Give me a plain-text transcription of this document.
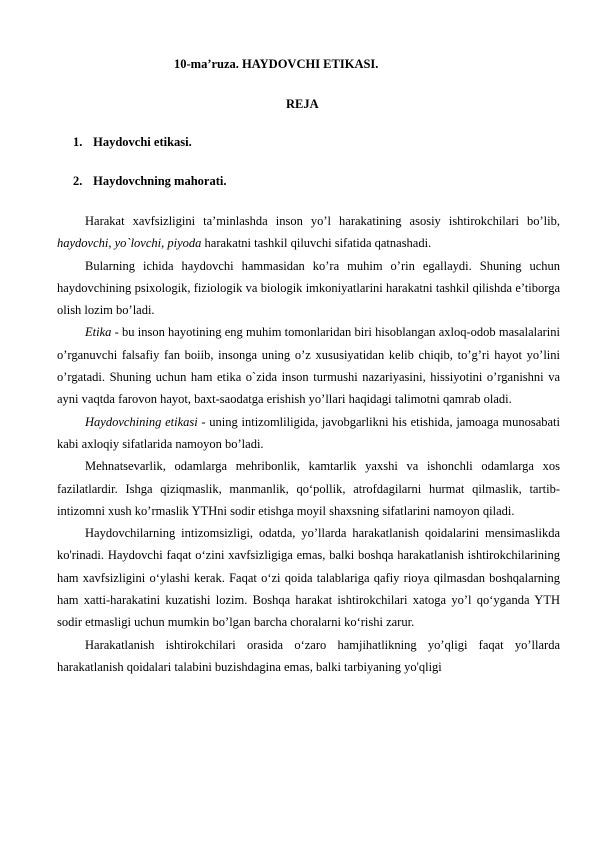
10-ma’ruza. HAYDOVCHI ETIKASI.
REJA
1. Haydovchi etikasi.
2. Haydovchning mahorati.

Harakat xavfsizligini ta’minlashda inson yo’l harakatining asosiy ishtirokchilari bo’lib, haydovchi, yo`lovchi, piyoda harakatni tashkil qiluvchi sifatida qatnashadi.

Bularning ichida haydovchi hammasidan ko’ra muhim o’rin egallaydi. Shuning uchun haydovchining psixologik, fiziologik va biologik imkoniyatlarini harakatni tashkil qilishda e’tiborga olish lozim bo’ladi.

Etika - bu inson hayotining eng muhim tomonlaridan biri hisoblangan axloq-odob masalalarini o’rganuvchi falsafiy fan boiib, insonga uning o’z xususiyatidan kelib chiqib, to’g’ri hayot yo’lini o’rgatadi. Shuning uchun ham etika o`zida inson turmushi nazariyasini, hissiyotini o’rganishni va ayni vaqtda farovon hayot, baxt-saodatga erishish yo’llari haqidagi talimotni qamrab oladi.

Haydovchining etikasi - uning intizomliligida, javobgarlikni his etishida, jamoaga munosabati kabi axloqiy sifatlarida namoyon bo’ladi.

Mehnatsevarlik, odamlarga mehribonlik, kamtarlik yaxshi va ishonchli odamlarga xos fazilatlardir. Ishga qiziqmaslik, manmanlik, qo‘pollik, atrofdagilarni hurmat qilmaslik, tartib-intizomni xush ko’rmaslik YTHni sodir etishga moyil shaxsning sifatlarini namoyon qiladi.

Haydovchilarning intizomsizligi, odatda, yo’llarda harakatlanish qoidalarini mensimaslikda ko'rinadi. Haydovchi faqat o‘zini xavfsizligiga emas, balki boshqa harakatlanish ishtirokchilarining ham xavfsizligini o‘ylashi kerak. Faqat o‘zi qoida talablariga qafiy rioya qilmasdan boshqalarning ham xatti-harakatini kuzatishi lozim. Boshqa harakat ishtirokchilari xatoga yo’l qo‘yganda YTH sodir etmasligi uchun mumkin bo’lgan barcha choralarni ko‘rishi zarur.

Harakatlanish ishtirokchilari orasida o‘zaro hamjihatlikning yo’qligi faqat yo’llarda harakatlanish qoidalari talabini buzishdagina emas, balki tarbiyaning yo'qligi
